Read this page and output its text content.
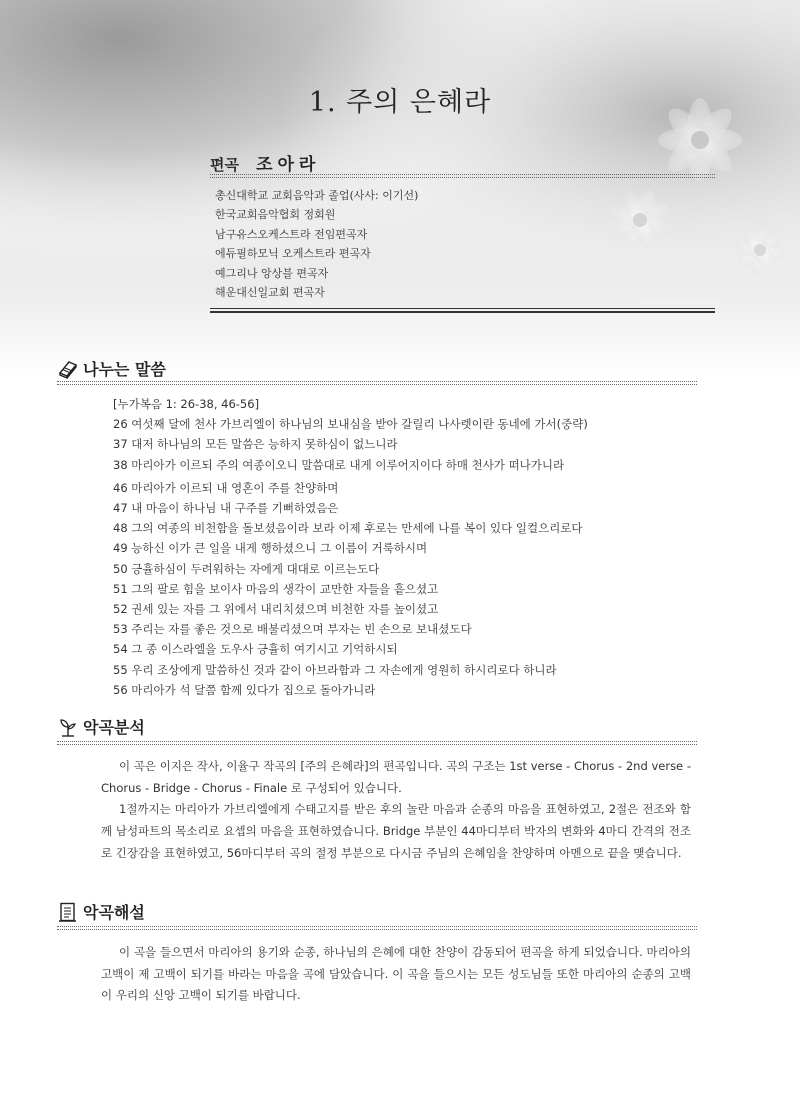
1. 주의 은혜라
편곡 조아라
총신대학교 교회음악과 졸업(사사: 이기선)
한국교회음악협회 정회원
남구유스오케스트라 전임편곡자
에듀필하모닉 오케스트라 편곡자
예그리나 앙상블 편곡자
해운대신일교회 편곡자
나누는 말씀
[누가복음 1: 26-38, 46-56]
26 여섯째 달에 천사 가브리엘이 하나님의 보내심을 받아 갈릴리 나사렛이란 동네에 가서(중략)
37 대저 하나님의 모든 말씀은 능하지 못하심이 없느니라
38 마리아가 이르되 주의 여종이오니 말씀대로 내게 이루어지이다 하매 천사가 떠나가니라
46 마리아가 이르되 내 영혼이 주를 찬양하며
47 내 마음이 하나님 내 구주를 기뻐하였음은
48 그의 여종의 비천함을 돌보셨음이라 보라 이제 후로는 만세에 나를 복이 있다 일컬으리로다
49 능하신 이가 큰 일을 내게 행하셨으니 그 이름이 거룩하시며
50 긍휼하심이 두려워하는 자에게 대대로 이르는도다
51 그의 팔로 힘을 보이사 마음의 생각이 교만한 자들을 흩으셨고
52 권세 있는 자를 그 위에서 내리치셨으며 비천한 자를 높이셨고
53 주리는 자를 좋은 것으로 배불리셨으며 부자는 빈 손으로 보내셨도다
54 그 종 이스라엘을 도우사 긍휼히 여기시고 기억하시되
55 우리 조상에게 말씀하신 것과 같이 아브라함과 그 자손에게 영원히 하시리로다 하니라
56 마리아가 석 달쯤 함께 있다가 집으로 돌아가니라
악곡분석

이 곡은 이지은 작사, 이율구 작곡의 [주의 은혜라]의 편곡입니다. 곡의 구조는 1st verse - Chorus - 2nd verse - Chorus - Bridge - Chorus - Finale 로 구성되어 있습니다.

1절까지는 마리아가 가브리엘에게 수태고지를 받은 후의 놀란 마음과 순종의 마음을 표현하였고, 2절은 전조와 함께 남성파트의 목소리로 요셉의 마음을 표현하였습니다. Bridge 부분인 44마디부터 박자의 변화와 4마디 간격의 전조로 긴장감을 표현하였고, 56마디부터 곡의 절정 부분으로 다시금 주님의 은혜임을 찬양하며 아멘으로 끝을 맺습니다.

악곡해설

이 곡을 들으면서 마리아의 용기와 순종, 하나님의 은혜에 대한 찬양이 감동되어 편곡을 하게 되었습니다. 마리아의 고백이 제 고백이 되기를 바라는 마음을 곡에 담았습니다. 이 곡을 들으시는 모든 성도님들 또한 마리아의 순종의 고백이 우리의 신앙 고백이 되기를 바랍니다.
